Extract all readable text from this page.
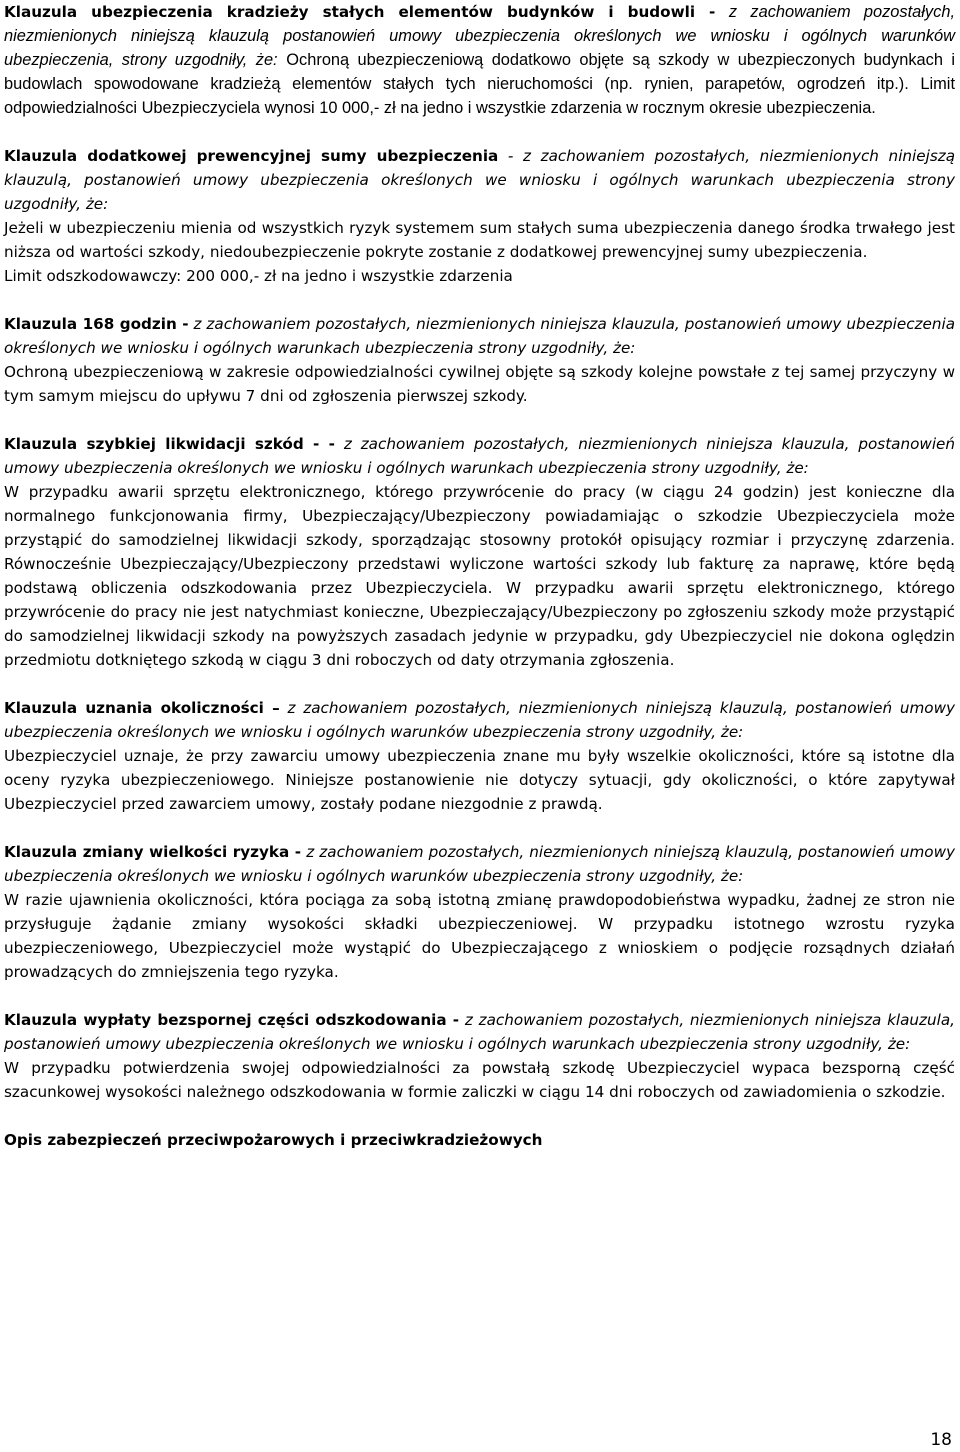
Klauzula ubezpieczenia kradzieży stałych elementów budynków i budowli - z zachowaniem pozostałych, niezmienionych niniejszą klauzulą postanowień umowy ubezpieczenia określonych we wniosku i ogólnych warunków ubezpieczenia, strony uzgodniły, że: Ochroną ubezpieczeniową dodatkowo objęte są szkody w ubezpieczonych budynkach i budowlach spowodowane kradzieżą elementów stałych tych nieruchomości (np. rynien, parapetów, ogrodzeń itp.). Limit odpowiedzialności Ubezpieczyciela wynosi 10 000,- zł na jedno i wszystkie zdarzenia w rocznym okresie ubezpieczenia.

Klauzula dodatkowej prewencyjnej sumy ubezpieczenia - z zachowaniem pozostałych, niezmienionych niniejszą klauzulą, postanowień umowy ubezpieczenia określonych we wniosku i ogólnych warunkach ubezpieczenia strony uzgodniły, że:

Jeżeli w ubezpieczeniu mienia od wszystkich ryzyk systemem sum stałych suma ubezpieczenia danego środka trwałego jest niższa od wartości szkody, niedoubezpieczenie pokryte zostanie z dodatkowej prewencyjnej sumy ubezpieczenia.

Limit odszkodowawczy: 200 000,- zł na jedno i wszystkie zdarzenia

Klauzula 168 godzin - z zachowaniem pozostałych, niezmienionych niniejsza klauzula, postanowień umowy ubezpieczenia określonych we wniosku i ogólnych warunkach ubezpieczenia strony uzgodniły, że:

Ochroną ubezpieczeniową w zakresie odpowiedzialności cywilnej objęte są szkody kolejne powstałe z tej samej przyczyny w tym samym miejscu do upływu 7 dni od zgłoszenia pierwszej szkody.

Klauzula szybkiej likwidacji szkód - - z zachowaniem pozostałych, niezmienionych niniejsza klauzula, postanowień umowy ubezpieczenia określonych we wniosku i ogólnych warunkach ubezpieczenia strony uzgodniły, że:

W przypadku awarii sprzętu elektronicznego, którego przywrócenie do pracy (w ciągu 24 godzin) jest konieczne dla normalnego funkcjonowania firmy, Ubezpieczający/Ubezpieczony powiadamiając o szkodzie Ubezpieczyciela może przystąpić do samodzielnej likwidacji szkody, sporządzając stosowny protokół opisujący rozmiar i przyczynę zdarzenia. Równocześnie Ubezpieczający/Ubezpieczony przedstawi wyliczone wartości szkody lub fakturę za naprawę, które będą podstawą obliczenia odszkodowania przez Ubezpieczyciela. W przypadku awarii sprzętu elektronicznego, którego przywrócenie do pracy nie jest natychmiast konieczne, Ubezpieczający/Ubezpieczony po zgłoszeniu szkody może przystąpić do samodzielnej likwidacji szkody na powyższych zasadach jedynie w przypadku, gdy Ubezpieczyciel nie dokona oględzin przedmiotu dotkniętego szkodą w ciągu 3 dni roboczych od daty otrzymania zgłoszenia.

Klauzula uznania okoliczności – z zachowaniem pozostałych, niezmienionych niniejszą klauzulą, postanowień umowy ubezpieczenia określonych we wniosku i ogólnych warunków ubezpieczenia strony uzgodniły, że:

Ubezpieczyciel uznaje, że przy zawarciu umowy ubezpieczenia znane mu były wszelkie okoliczności, które są istotne dla oceny ryzyka ubezpieczeniowego. Niniejsze postanowienie nie dotyczy sytuacji, gdy okoliczności, o które zapytywał Ubezpieczyciel przed zawarciem umowy, zostały podane niezgodnie z prawdą.

Klauzula zmiany wielkości ryzyka - z zachowaniem pozostałych, niezmienionych niniejszą klauzulą, postanowień umowy ubezpieczenia określonych we wniosku i ogólnych warunków ubezpieczenia strony uzgodniły, że:

W razie ujawnienia okoliczności, która pociąga za sobą istotną zmianę prawdopodobieństwa wypadku, żadnej ze stron nie przysługuje żądanie zmiany wysokości składki ubezpieczeniowej. W przypadku istotnego wzrostu ryzyka ubezpieczeniowego, Ubezpieczyciel może wystąpić do Ubezpieczającego z wnioskiem o podjęcie rozsądnych działań prowadzących do zmniejszenia tego ryzyka.

Klauzula wypłaty bezspornej części odszkodowania - z zachowaniem pozostałych, niezmienionych niniejsza klauzula, postanowień umowy ubezpieczenia określonych we wniosku i ogólnych warunkach ubezpieczenia strony uzgodniły, że:

W przypadku potwierdzenia swojej odpowiedzialności za powstałą szkodę Ubezpieczyciel wypaca bezsporną część szacunkowej wysokości należnego odszkodowania w formie zaliczki w ciągu 14 dni roboczych od zawiadomienia o szkodzie.

Opis zabezpieczeń przeciwpożarowych i przeciwkradzieżowych

18
